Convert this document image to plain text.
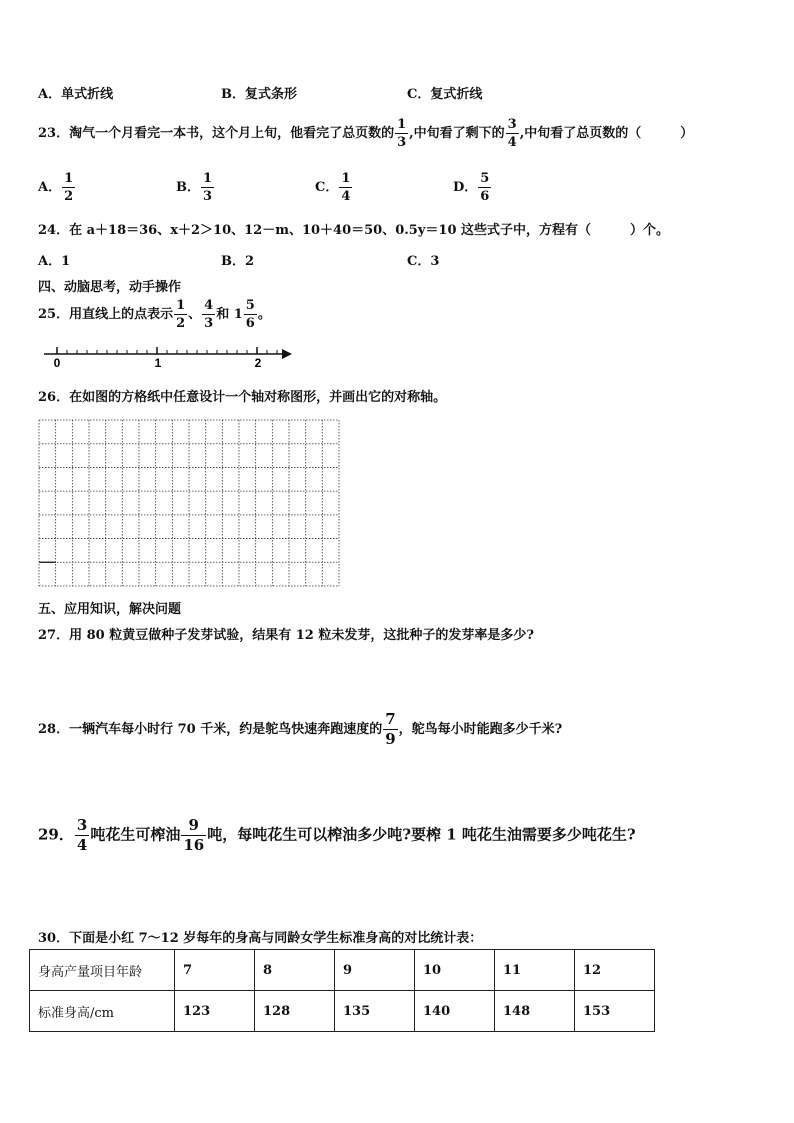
A．单式折线	B．复式条形	C．复式折线
23．淘气一个月看完一本书，这个月上旬，他看完了总页数的 $\frac{1}{3}$ ,中旬看了剩下的 $\frac{3}{4}$ ,中旬看了总页数的（　　　）
A． $\frac{1}{2}$	B． $\frac{1}{3}$	C． $\frac{1}{4}$	D． $\frac{5}{6}$
24．在 a＋18＝36、x＋2＞10、12－m、10＋40＝50、0.5y＝10 这些式子中，方程有（　　　）个。
A．1	B．2	C．3
四、动脑思考，动手操作
25．用直线上的点表示 $\frac{1}{2}$ 、 $\frac{4}{3}$ 和 $1 \frac{5}{6}$ 。
0	1	2
26．在如图的方格纸中任意设计一个轴对称图形，并画出它的对称轴。
五、应用知识，解决问题
27．用 80 粒黄豆做种子发芽试验，结果有 12 粒未发芽，这批种子的发芽率是多少?
28．一辆汽车每小时行 70 千米，约是鸵鸟快速奔跑速度的 $\frac{7}{9}$ ，鸵鸟每小时能跑多少千米?
29． $\frac{3}{4}$ 吨花生可榨油 $\frac{9}{16}$ 吨，每吨花生可以榨油多少吨?要榨 1 吨花生油需要多少吨花生?
30．下面是小红 7～12 岁每年的身高与同龄女学生标准身高的对比统计表：
身高产量项目年龄	7	8	9	10	11	12
标准身高/cm	123	128	135	140	148	153
